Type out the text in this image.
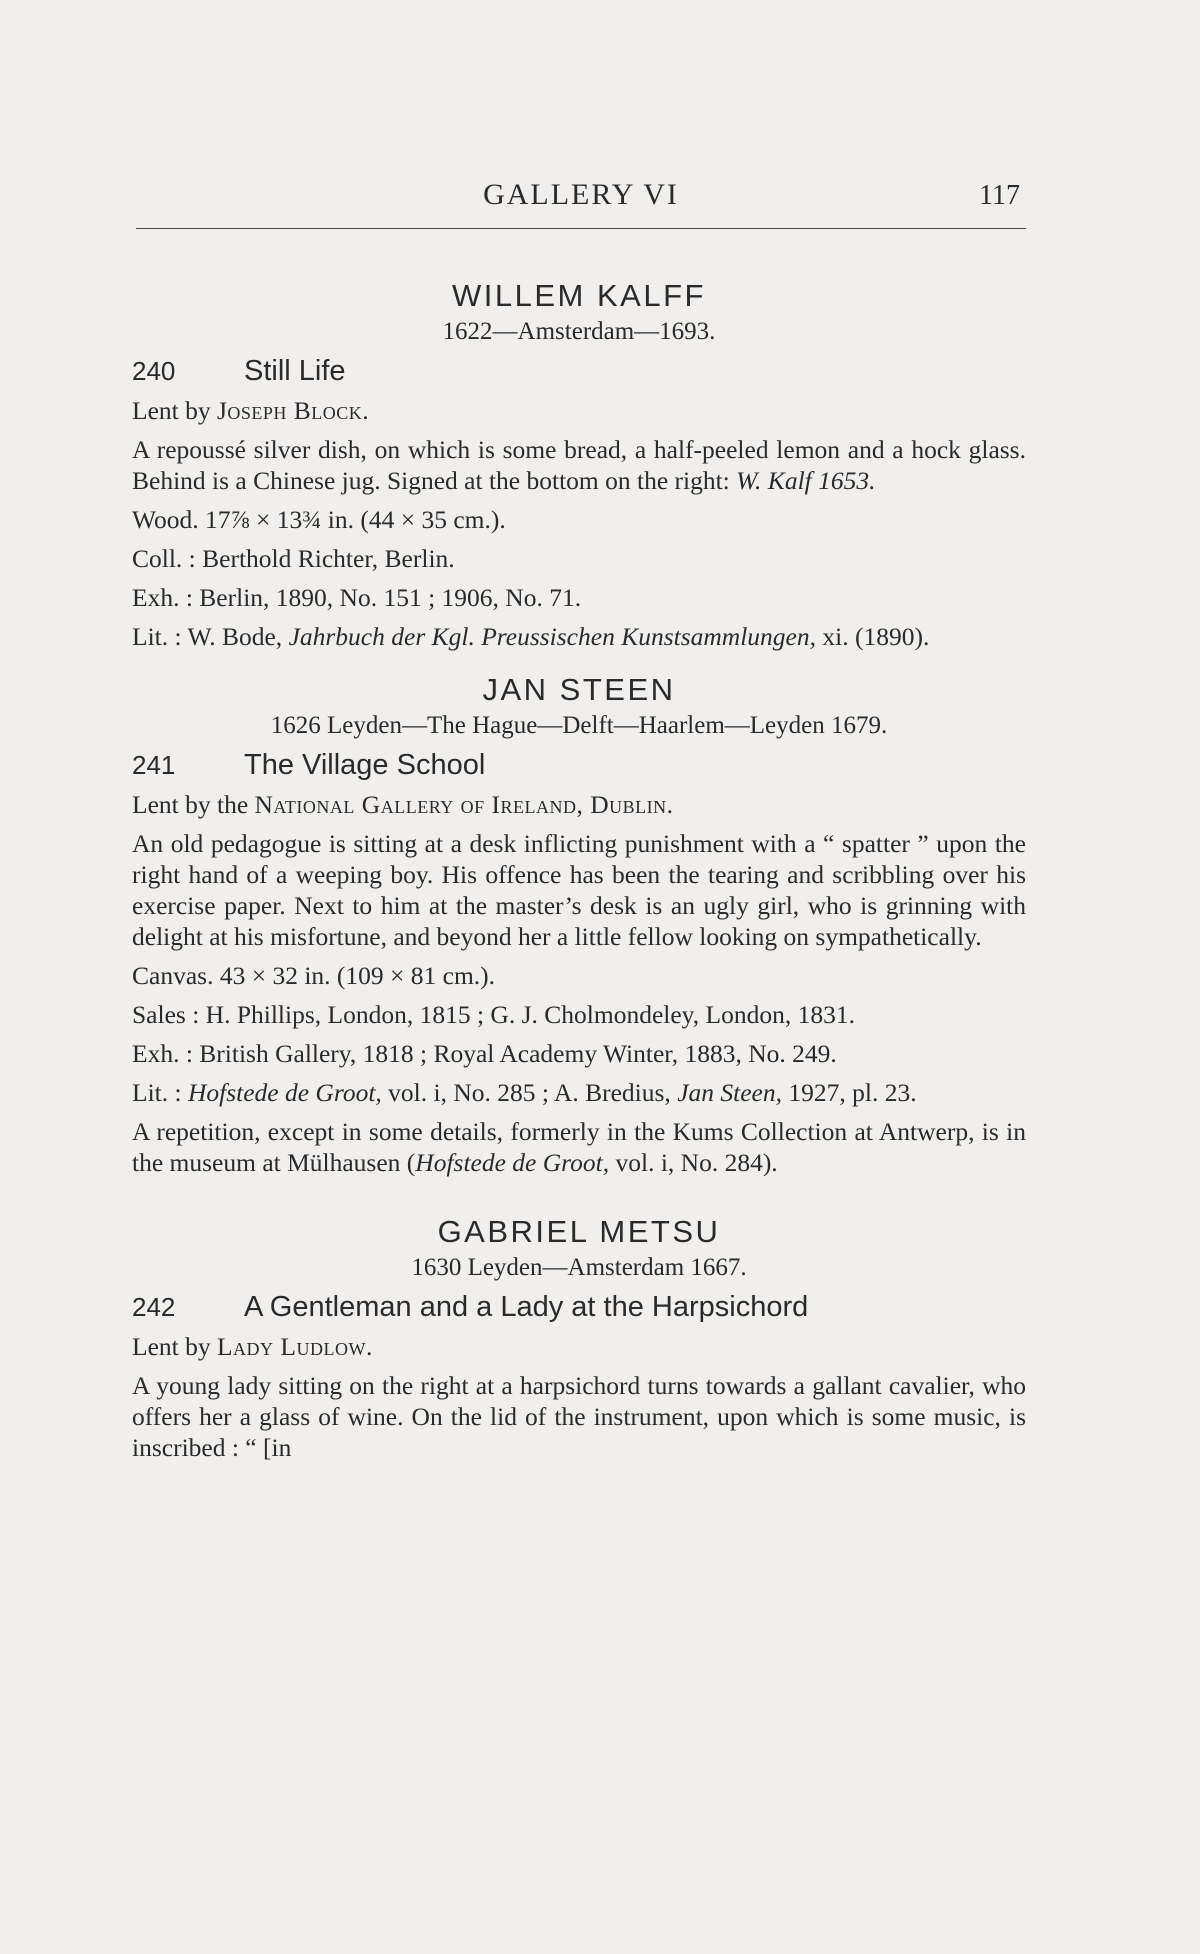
GALLERY VI	117
WILLEM KALFF

1622—Amsterdam—1693.

240 Still Life

Lent by Joseph Block.

A repoussé silver dish, on which is some bread, a half-peeled lemon and a hock glass. Behind is a Chinese jug. Signed at the bottom on the right: W. Kalf 1653.

Wood. 17⅞ × 13¾ in. (44 × 35 cm.).

Coll. : Berthold Richter, Berlin.

Exh. : Berlin, 1890, No. 151 ; 1906, No. 71.

Lit. : W. Bode, Jahrbuch der Kgl. Preussischen Kunstsammlungen, xi. (1890).

JAN STEEN

1626 Leyden—The Hague—Delft—Haarlem—Leyden 1679.

241 The Village School

Lent by the National Gallery of Ireland, Dublin.

An old pedagogue is sitting at a desk inflicting punishment with a “ spatter ” upon the right hand of a weeping boy. His offence has been the tearing and scribbling over his exercise paper. Next to him at the master’s desk is an ugly girl, who is grinning with delight at his misfortune, and beyond her a little fellow looking on sympathetically.

Canvas. 43 × 32 in. (109 × 81 cm.).

Sales : H. Phillips, London, 1815 ; G. J. Cholmondeley, London, 1831.

Exh. : British Gallery, 1818 ; Royal Academy Winter, 1883, No. 249.

Lit. : Hofstede de Groot, vol. i, No. 285 ; A. Bredius, Jan Steen, 1927, pl. 23.

A repetition, except in some details, formerly in the Kums Collection at Antwerp, is in the museum at Mülhausen (Hofstede de Groot, vol. i, No. 284).

GABRIEL METSU

1630 Leyden—Amsterdam 1667.

242 A Gentleman and a Lady at the Harpsichord

Lent by Lady Ludlow.

A young lady sitting on the right at a harpsichord turns towards a gallant cavalier, who offers her a glass of wine. On the lid of the instrument, upon which is some music, is inscribed : “ [in
